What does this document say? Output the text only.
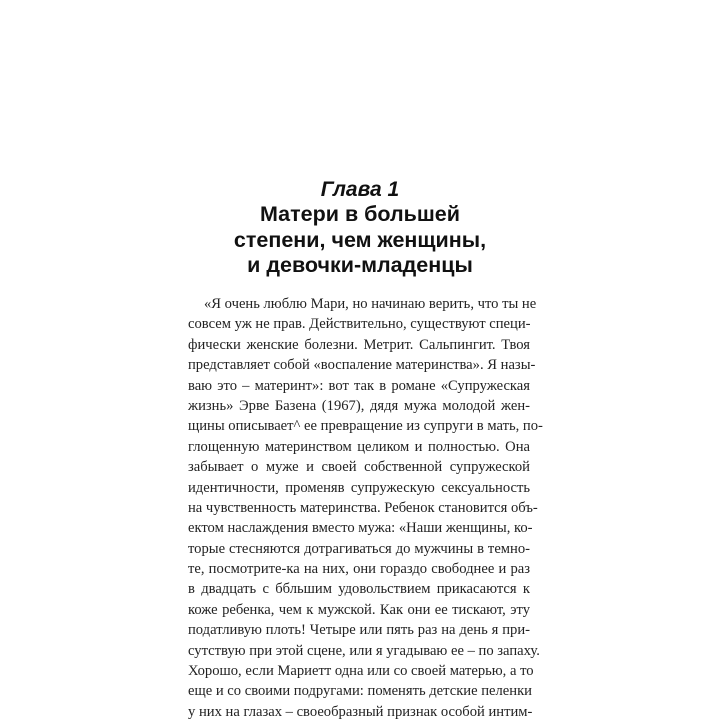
Глава 1
Матери в большей
степени, чем женщины,
и девочки-младенцы
«Я очень люблю Мари, но начинаю верить, что ты не
совсем уж не прав. Действительно, существуют специ-
фически женские болезни. Метрит. Сальпингит. Твоя
представляет собой «воспаление материнства». Я назы-
ваю это – материнт»: вот так в романе «Супружеская
жизнь» Эрве Базена (1967), дядя мужа молодой жен-
щины описывает^ ее превращение из супруги в мать, по-
глощенную материнством целиком и полностью. Она
забывает о муже и своей собственной супружеской
идентичности, променяв супружескую сексуальность
на чувственность материнства. Ребенок становится объ-
ектом наслаждения вместо мужа: «Наши женщины, ко-
торые стесняются дотрагиваться до мужчины в темно-
те, посмотрите-ка на них, они гораздо свободнее и раз
в двадцать с ббльшим удовольствием прикасаются к
коже ребенка, чем к мужской. Как они ее тискают, эту
податливую плоть! Четыре или пять раз на день я при-
сутствую при этой сцене, или я угадываю ее – по запаху.
Хорошо, если Мариетт одна или со своей матерью, а то
еще и со своими подругами: поменять детские пеленки
у них на глазах – своеобразный признак особой интим-
